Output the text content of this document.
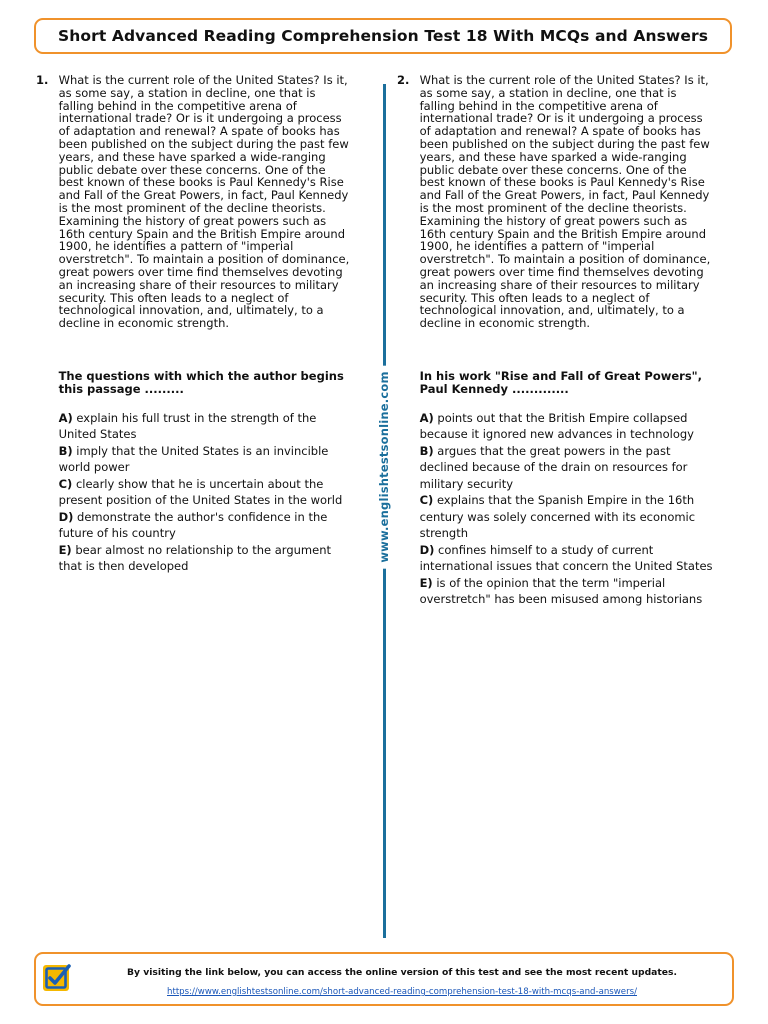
Short Advanced Reading Comprehension Test 18 With MCQs and Answers
1. What is the current role of the United States? Is it, as some say, a station in decline, one that is falling behind in the competitive arena of international trade? Or is it undergoing a process of adaptation and renewal? A spate of books has been published on the subject during the past few years, and these have sparked a wide-ranging public debate over these concerns. One of the best known of these books is Paul Kennedy's Rise and Fall of the Great Powers, in fact, Paul Kennedy is the most prominent of the decline theorists. Examining the history of great powers such as 16th century Spain and the British Empire around 1900, he identifies a pattern of "imperial overstretch". To maintain a position of dominance, great powers over time find themselves devoting an increasing share of their resources to military security. This often leads to a neglect of technological innovation, and, ultimately, to a decline in economic strength.

The questions with which the author begins this passage .........

A) explain his full trust in the strength of the United States
B) imply that the United States is an invincible world power
C) clearly show that he is uncertain about the present position of the United States in the world
D) demonstrate the author's confidence in the future of his country
E) bear almost no relationship to the argument that is then developed
www.englishtestsonline.com
2. What is the current role of the United States? Is it, as some say, a station in decline, one that is falling behind in the competitive arena of international trade? Or is it undergoing a process of adaptation and renewal? A spate of books has been published on the subject during the past few years, and these have sparked a wide-ranging public debate over these concerns. One of the best known of these books is Paul Kennedy's Rise and Fall of the Great Powers, in fact, Paul Kennedy is the most prominent of the decline theorists. Examining the history of great powers such as 16th century Spain and the British Empire around 1900, he identifies a pattern of "imperial overstretch". To maintain a position of dominance, great powers over time find themselves devoting an increasing share of their resources to military security. This often leads to a neglect of technological innovation, and, ultimately, to a decline in economic strength.

In his work "Rise and Fall of Great Powers", Paul Kennedy .............

A) points out that the British Empire collapsed because it ignored new advances in technology
B) argues that the great powers in the past declined because of the drain on resources for military security
C) explains that the Spanish Empire in the 16th century was solely concerned with its economic strength
D) confines himself to a study of current international issues that concern the United States
E) is of the opinion that the term "imperial overstretch" has been misused among historians
By visiting the link below, you can access the online version of this test and see the most recent updates.
https://www.englishtestsonline.com/short-advanced-reading-comprehension-test-18-with-mcqs-and-answers/
